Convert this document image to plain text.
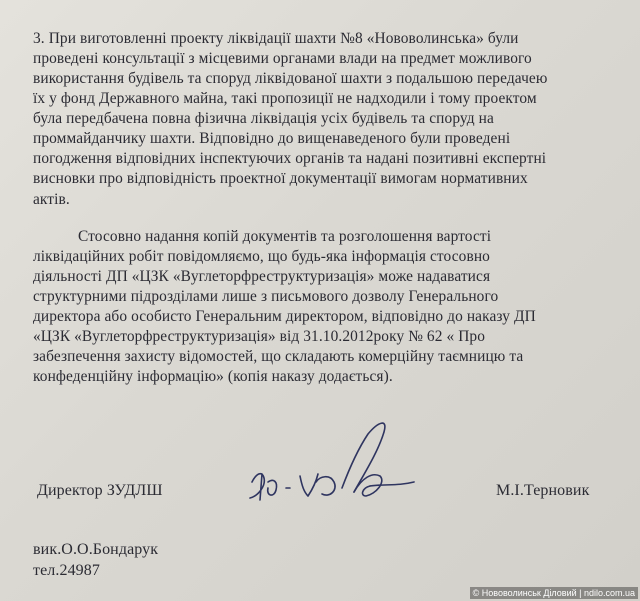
3. При виготовленні проекту ліквідації шахти №8 «Нововолинська» були
проведені консультації з місцевими органами влади на предмет можливого
використання будівель та споруд ліквідованої шахти з подальшою передачею
їх у фонд Державного майна, такі пропозиції не надходили і тому проектом
була передбачена повна фізична ліквідація усіх будівель та споруд на
проммайданчику шахти. Відповідно до вищенаведеного були проведені
погодження відповідних інспектуючих органів та надані позитивні експертні
висновки про відповідність проектної документації вимогам нормативних
актів.
Стосовно надання копій документів та розголошення вартості
ліквідаційних робіт повідомляємо, що будь-яка інформація стосовно
діяльності ДП «ЦЗК «Вуглеторфреструктуризація» може надаватися
структурними підрозділами лише з письмового дозволу Генерального
директора або особисто Генеральним директором, відповідно до наказу ДП
«ЦЗК «Вуглеторфреструктуризація» від 31.10.2012року № 62 « Про
забезпечення захисту відомостей, що складають комерційну таємницю та
конфеденційну інформацію» (копія наказу додається).
Директор ЗУДЛШ	М.І.Терновик
вик.О.О.Бондарук
тел.24987
© Нововолинськ Діловий | ndilo.com.ua
